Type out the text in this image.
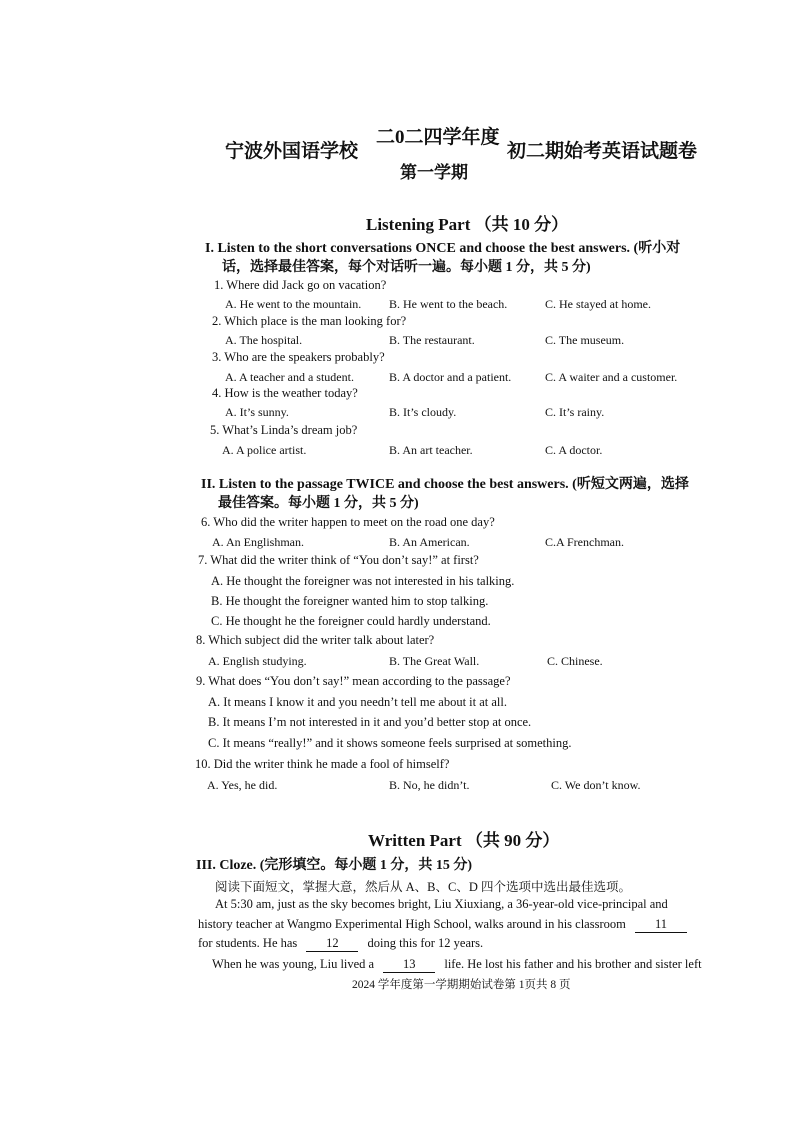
宁波外国语学校
二0二四学年度
第一学期
初二期始考英语试题卷
Listening Part （共 10 分）
I. Listen to the short conversations ONCE and choose the best answers. (听小对
话，选择最佳答案，每个对话听一遍。每小题 1 分，共 5 分)
1. Where did Jack go on vacation?
A. He went to the mountain. B. He went to the beach.	C. He stayed at home.
2. Which place is the man looking for?
A. The hospital.	B. The restaurant.	C. The museum.
3. Who are the speakers probably?
A. A teacher and a student.	B. A doctor and a patient.	C. A waiter and a customer.
4. How is the weather today?
A. It’s sunny.	B. It’s cloudy.	C. It’s rainy.
5. What’s Linda’s dream job?
A. A police artist.	B. An art teacher.	C. A doctor.
II. Listen to the passage TWICE and choose the best answers. (听短文两遍，选择
最佳答案。每小题 1 分，共 5 分)
6. Who did the writer happen to meet on the road one day?
A. An Englishman.	B. An American.	C.A Frenchman.
7. What did the writer think of “You don’t say!” at first?
A. He thought the foreigner was not interested in his talking.
B. He thought the foreigner wanted him to stop talking.
C. He thought he the foreigner could hardly understand.
8. Which subject did the writer talk about later?
A. English studying.	B. The Great Wall.	C. Chinese.
9. What does “You don’t say!” mean according to the passage?
A. It means I know it and you needn’t tell me about it at all.
B. It means I’m not interested in it and you’d better stop at once.
C. It means “really!” and it shows someone feels surprised at something.
10. Did the writer think he made a fool of himself?
A. Yes, he did.	B. No, he didn’t.	C. We don’t know.
Written Part （共 90 分）
III. Cloze. (完形填空。每小题 1 分，共 15 分)
阅读下面短文，掌握大意，然后从 A、B、C、D 四个选项中选出最佳选项。
At 5:30 am, just as the sky becomes bright, Liu Xiuxiang, a 36-year-old vice-principal and
history teacher at Wangmo Experimental High School, walks around in his classroom 11
for students. He has 12 doing this for 12 years.
When he was young, Liu lived a 13 life. He lost his father and his brother and sister left
2024 学年度第一学期期始试卷第 1页共 8 页
